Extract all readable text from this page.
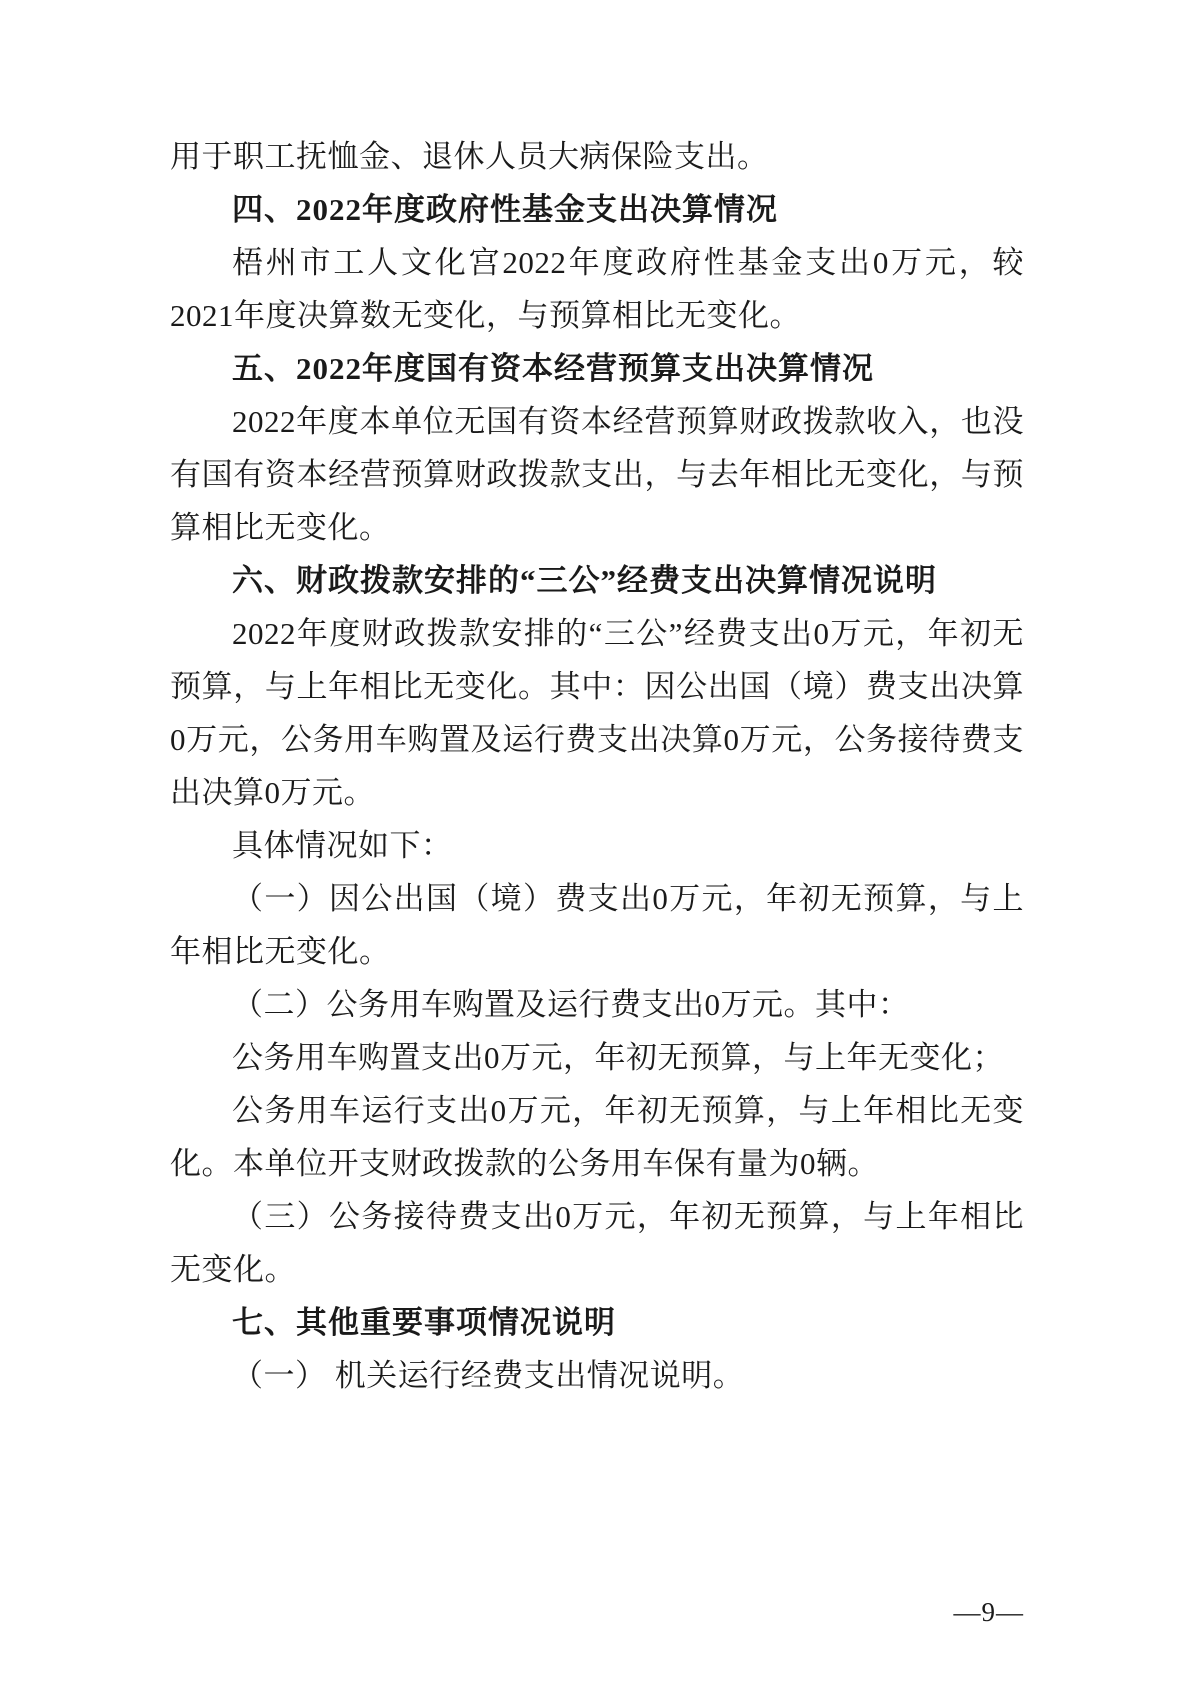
用于职工抚恤金、退休人员大病保险支出。

四、2022年度政府性基金支出决算情况

梧州市工人文化宫2022年度政府性基金支出0万元，较2021年度决算数无变化，与预算相比无变化。

五、2022年度国有资本经营预算支出决算情况

2022年度本单位无国有资本经营预算财政拨款收入，也没有国有资本经营预算财政拨款支出，与去年相比无变化，与预算相比无变化。

六、财政拨款安排的“三公”经费支出决算情况说明

2022年度财政拨款安排的“三公”经费支出0万元，年初无预算，与上年相比无变化。其中：因公出国（境）费支出决算0万元，公务用车购置及运行费支出决算0万元，公务接待费支出决算0万元。

具体情况如下：

（一）因公出国（境）费支出0万元，年初无预算，与上年相比无变化。

（二）公务用车购置及运行费支出0万元。其中：

公务用车购置支出0万元，年初无预算，与上年无变化；

公务用车运行支出0万元，年初无预算，与上年相比无变化。本单位开支财政拨款的公务用车保有量为0辆。

（三）公务接待费支出0万元，年初无预算，与上年相比无变化。

七、其他重要事项情况说明

（一） 机关运行经费支出情况说明。

—9—
